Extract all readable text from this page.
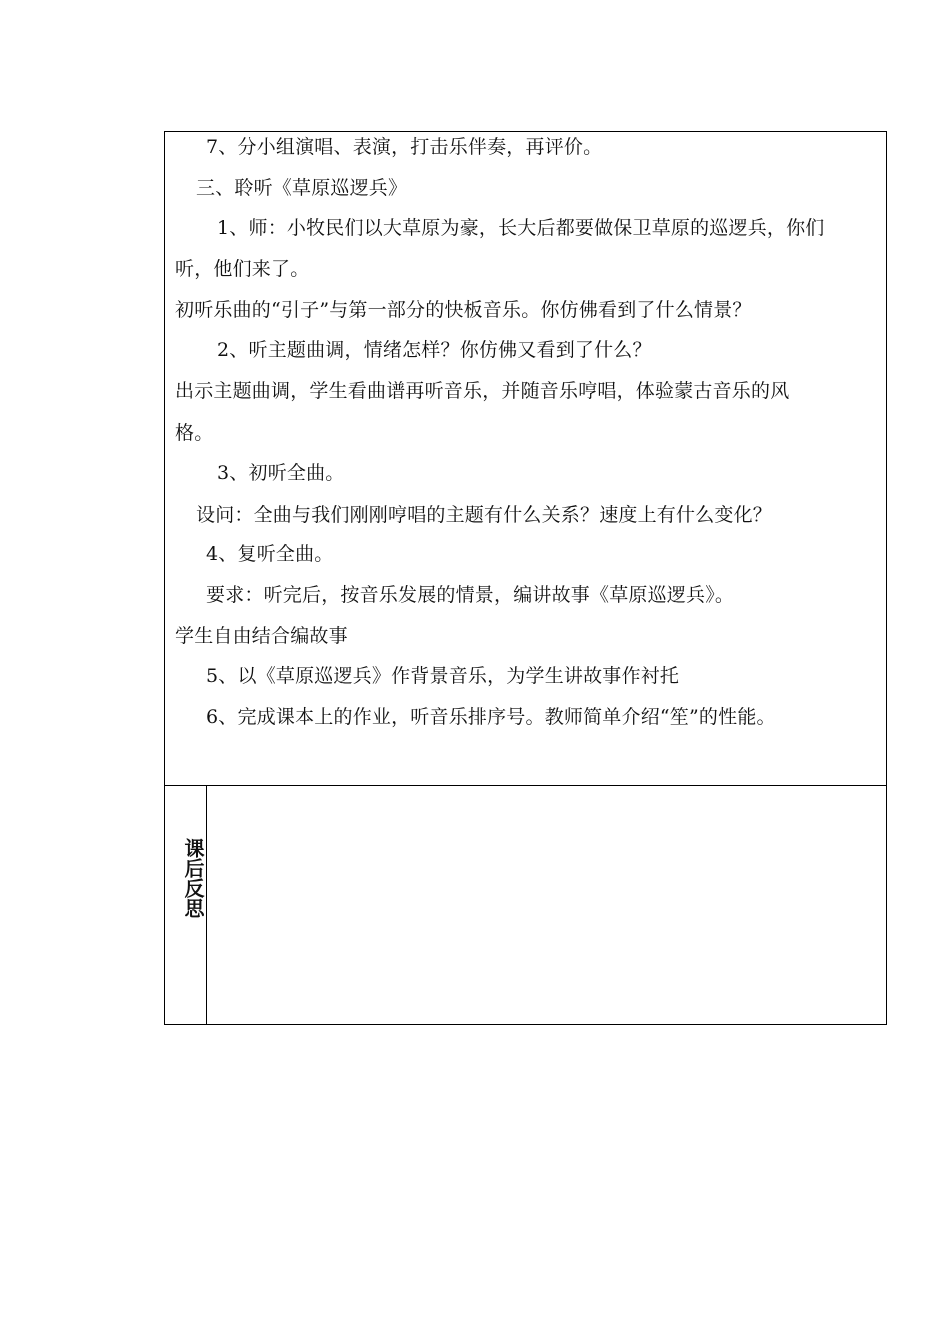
7、分小组演唱、表演，打击乐伴奏，再评价。
三、聆听《草原巡逻兵》
1、师：小牧民们以大草原为豪，长大后都要做保卫草原的巡逻兵，你们
听，他们来了。
初听乐曲的“引子”与第一部分的快板音乐。你仿佛看到了什么情景？
2、听主题曲调，情绪怎样？你仿佛又看到了什么？
出示主题曲调，学生看曲谱再听音乐，并随音乐哼唱，体验蒙古音乐的风
格。
3、初听全曲。
设问：全曲与我们刚刚哼唱的主题有什么关系？速度上有什么变化？
4、复听全曲。
要求：听完后，按音乐发展的情景，编讲故事《草原巡逻兵》。
学生自由结合编故事
5、以《草原巡逻兵》作背景音乐，为学生讲故事作衬托
6、完成课本上的作业，听音乐排序号。教师简单介绍“笙”的性能。
课后反思
